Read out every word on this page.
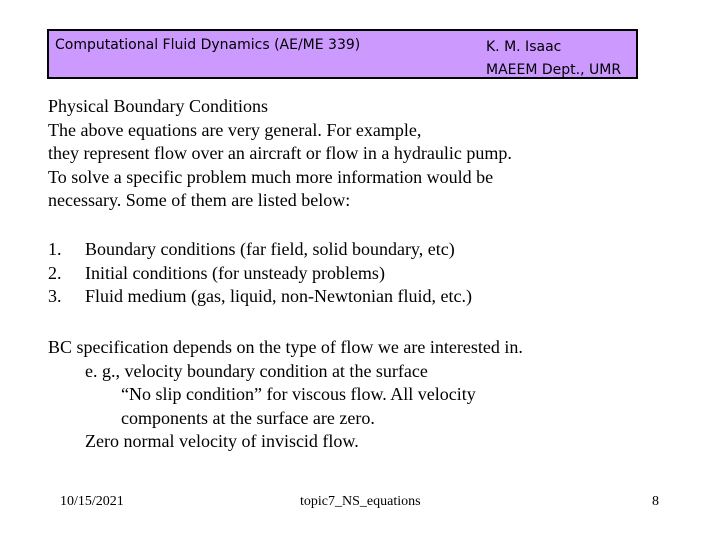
Computational Fluid Dynamics (AE/ME 339)	K. M. Isaac
MAEEM Dept., UMR
Physical Boundary Conditions
The above equations are very general. For example,
they represent flow over an aircraft or flow in a hydraulic pump.
To solve a specific problem much more information would be
necessary. Some of them are listed below:
1. Boundary conditions (far field, solid boundary, etc)
2. Initial conditions (for unsteady problems)
3. Fluid medium (gas, liquid, non-Newtonian fluid, etc.)
BC specification depends on the type of flow we are interested in.
e. g., velocity boundary condition at the surface
“No slip condition” for viscous flow. All velocity
components at the surface are zero.
Zero normal velocity of inviscid flow.
10/15/2021	topic7_NS_equations	8
